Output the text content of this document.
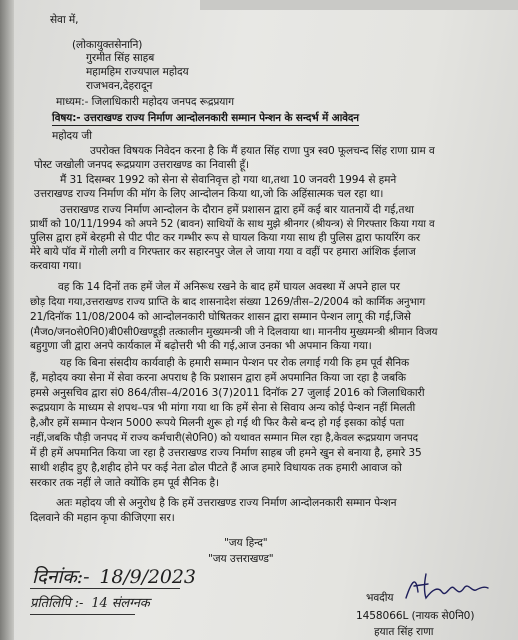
सेवा में,
(लोकायुक्तसेनानि)
गुरमीत सिंह साहब
महामहिम राज्यपाल महोदय
राजभवन,देहरादून
माध्यम:- जिलाधिकारी महोदय जनपद रूद्रप्रयाग
विषय:- उत्तराखण्ड राज्य निर्माण आन्दोलनकारी सम्मान पेन्शन के सन्दर्भ में आवेदन
महोदय जी
उपरोक्त विषयक निवेदन करना है कि मैं हयात सिंह राणा पुत्र स्व0 फूलचन्द सिंह राणा ग्राम व
पोस्ट जखोली जनपद रूद्रप्रयाग उत्तराखण्ड का निवासी हूँ।
मैं 31 दिसम्बर 1992 को सेना से सेवानिवृत्त हो गया था,तथा 10 जनवरी 1994 से हमने
उत्तराखण्ड राज्य निर्माण की मॉग के लिए आन्दोलन किया था,जो कि अहिंसात्मक चल रहा था।
उत्तराखण्ड राज्य निर्माण आन्दोलन के दौरान हमें प्रशासन द्वारा हमें कई बार यातनायें दी गई,तथा
प्रार्थी को 10/11/1994 को अपने 52 (बावन) साथियों के साथ मुझे श्रीनगर (श्रीयन्त्र) से गिरफ्तार किया गया व
पुलिस द्वारा हमें बेरहमी से पीट पीट कर गम्भीर रूप से घायल किया गया साथ ही पुलिस द्वारा फायरिंग कर
मेरे बाये पॉव में गोली लगी व गिरफ्तार कर सहारनपुर जेल ले जाया गया व वहीं पर हमारा आंशिक ईलाज
करवाया गया।
वह कि 14 दिनों तक हमें जेल में अनिरूध रखने के बाद हमें घायल अवस्था में अपने हाल पर
छोड़ दिया गया,उत्तराखण्ड राज्य प्राप्ति के बाद शासनादेश संख्या 1269/तीस–2/2004 को कार्मिक अनुभाग
21/दिनॉक 11/08/2004 को आन्दोलनकारी घोषितकर शासन द्वारा सम्मान पेन्शन लागू की गई,जिसे
(मैजo/जनoसे0नि0)बी0सी0खण्डूड़ी तत्कालीन मुख्यमन्त्री जी ने दिलवाया था। माननीय मुख्यमन्त्री श्रीमान विजय
बहुगुणा जी द्वारा अनपे कार्यकाल में बढ़ोत्तरी भी की गई,आज उनका भी अपमान किया गया।
यह कि बिना संसदीय कार्यवाही के हमारी सम्मान पेन्शन पर रोक लगाई गयी कि हम पूर्व सैनिक
हैं, महोदय क्या सेना में सेवा करना अपराध है कि प्रशासन द्वारा हमें अपमानित किया जा रहा है जबकि
हमसे अनुसचिव द्वारा सं0 864/तीस–4/2016 3(7)2011 दिनॉक 27 जुलाई 2016 को जिलाधिकारी
रूद्रप्रयाग के माध्यम से शपथ–पत्र भी मांगा गया था कि हमें सेना से सिवाय अन्य कोई पेन्शन नहीं मिलती
है,और हमें सम्मान पेन्शन 5000 रूपये मिलनी शुरू हो गई थी फिर कैसे बन्द हो गई इसका कोई पता
नहीं,जबकि पौड़ी जनपद में राज्य कर्मचारी(से0नि0) को यथावत सम्मान मिल रहा है,केवल रूद्रप्रयाग जनपद
में ही हमें अपमानित किया जा रहा है उत्तराखण्ड राज्य निर्माण साहब जी हमने खुन से बनाया है, हमारे 35
साथी शहीद हुए है,शहीद होने पर कई नेता ढोल पीटते हैं आज हमारे विधायक तक हमारी आवाज को
सरकार तक नहीं ले जाते क्योंकि हम पूर्व सैनिक है।
अतः महोदय जी से अनुरोध है कि हमें उत्तराखण्ड राज्य निर्माण आन्दोलनकारी सम्मान पेन्शन
दिलवाने की महान कृपा कीजिएगा सर।
"जय हिन्द"
"जय उत्तराखण्ड"
दिनांक:- 18/9/2023
प्रतिलिपि :- 14 संलग्नक	भवदीय
1458066L (नायक से0नि0)
हयात सिंह राणा
